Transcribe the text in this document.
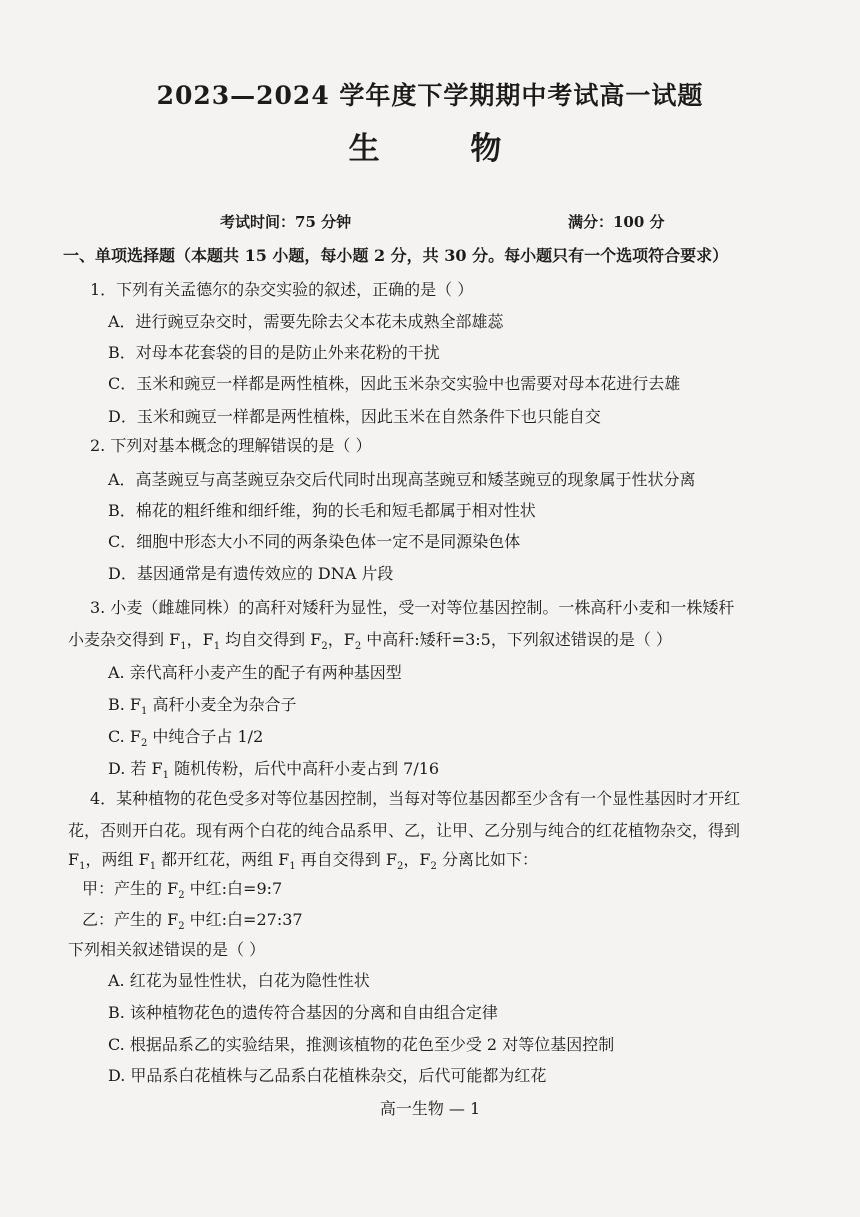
2023—2024 学年度下学期期中考试高一试题
生 物
考试时间：75 分钟	满分：100 分
一、单项选择题（本题共 15 小题，每小题 2 分，共 30 分。每小题只有一个选项符合要求）
1．下列有关孟德尔的杂交实验的叙述，正确的是（ ）
A．进行豌豆杂交时，需要先除去父本花未成熟全部雄蕊
B．对母本花套袋的目的是防止外来花粉的干扰
C．玉米和豌豆一样都是两性植株，因此玉米杂交实验中也需要对母本花进行去雄
D．玉米和豌豆一样都是两性植株，因此玉米在自然条件下也只能自交
2. 下列对基本概念的理解错误的是（ ）
A．高茎豌豆与高茎豌豆杂交后代同时出现高茎豌豆和矮茎豌豆的现象属于性状分离
B．棉花的粗纤维和细纤维，狗的长毛和短毛都属于相对性状
C．细胞中形态大小不同的两条染色体一定不是同源染色体
D．基因通常是有遗传效应的 DNA 片段
3. 小麦（雌雄同株）的高秆对矮秆为显性，受一对等位基因控制。一株高秆小麦和一株矮秆
小麦杂交得到 $F_1$，$F_1$ 均自交得到 $F_2$，$F_2$ 中高秆:矮秆=3:5，下列叙述错误的是（ ）
A. 亲代高秆小麦产生的配子有两种基因型
B. $F_1$ 高秆小麦全为杂合子
C. $F_2$ 中纯合子占 1/2
D. 若 $F_1$ 随机传粉，后代中高秆小麦占到 7/16
4．某种植物的花色受多对等位基因控制，当每对等位基因都至少含有一个显性基因时才开红
花，否则开白花。现有两个白花的纯合品系甲、乙，让甲、乙分别与纯合的红花植物杂交，得到
$F_1$，两组 $F_1$ 都开红花，两组 $F_1$ 再自交得到 $F_2$，$F_2$ 分离比如下：
甲：产生的 $F_2$ 中红:白=9:7
乙：产生的 $F_2$ 中红:白=27:37
下列相关叙述错误的是（ ）
A. 红花为显性性状，白花为隐性性状
B. 该种植物花色的遗传符合基因的分离和自由组合定律
C. 根据品系乙的实验结果，推测该植物的花色至少受 2 对等位基因控制
D. 甲品系白花植株与乙品系白花植株杂交，后代可能都为红花
高一生物 — 1
